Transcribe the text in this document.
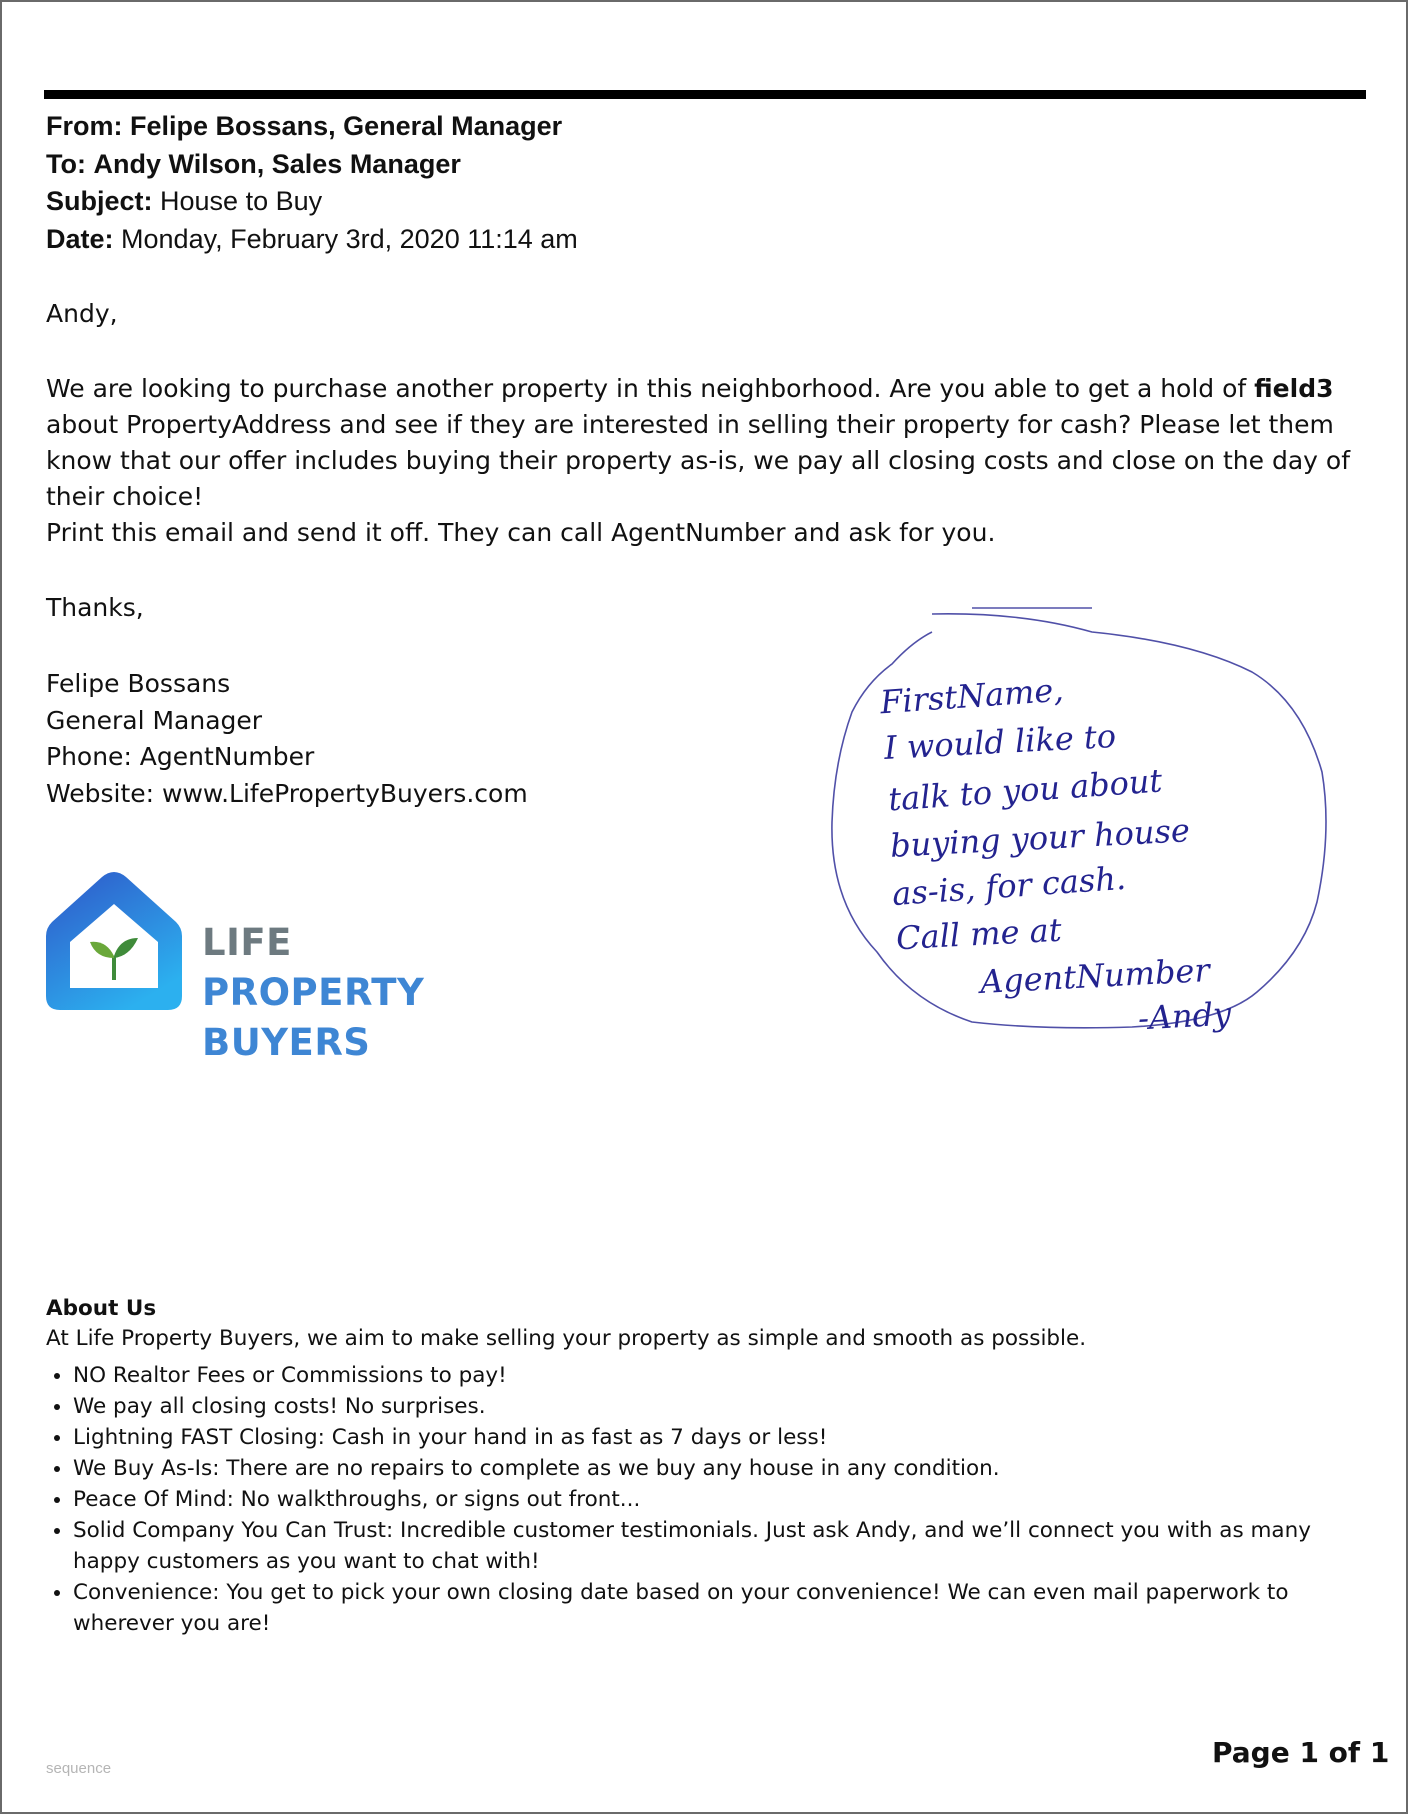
From: Felipe Bossans, General Manager
To: Andy Wilson, Sales Manager
Subject: House to Buy
Date: Monday, February 3rd, 2020 11:14 am
Andy,
We are looking to purchase another property in this neighborhood. Are you able to get a hold of field3 about PropertyAddress and see if they are interested in selling their property for cash? Please let them know that our offer includes buying their property as-is, we pay all closing costs and close on the day of their choice!
Print this email and send it off. They can call AgentNumber and ask for you.
Thanks,
Felipe Bossans
General Manager
Phone: AgentNumber
Website: www.LifePropertyBuyers.com
LIFE PROPERTY
BUYERS
FirstName,
I would like to
talk to you about
buying your house
as-is, for cash.
Call me at
AgentNumber
-Andy
About Us
At Life Property Buyers, we aim to make selling your property as simple and smooth as possible.
• NO Realtor Fees or Commissions to pay!
• We pay all closing costs! No surprises.
• Lightning FAST Closing: Cash in your hand in as fast as 7 days or less!
• We Buy As-Is: There are no repairs to complete as we buy any house in any condition.
• Peace Of Mind: No walkthroughs, or signs out front...
• Solid Company You Can Trust: Incredible customer testimonials. Just ask Andy, and we’ll connect you with as many happy customers as you want to chat with!
• Convenience: You get to pick your own closing date based on your convenience! We can even mail paperwork to wherever you are!
sequence	Page 1 of 1
